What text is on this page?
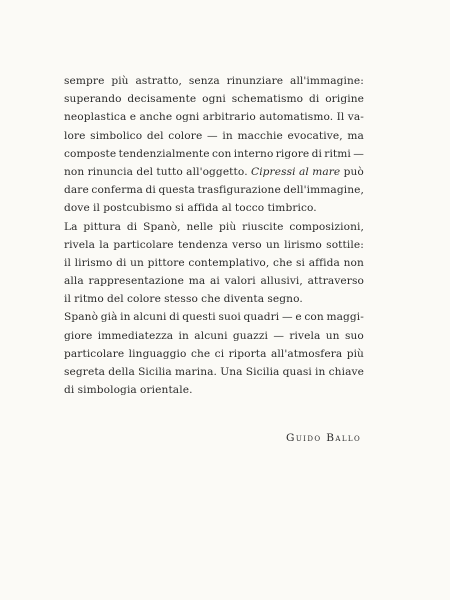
sempre più astratto, senza rinunziare all'immagine:
superando decisamente ogni schematismo di origine
neoplastica e anche ogni arbitrario automatismo. Il va-
lore simbolico del colore — in macchie evocative, ma
composte tendenzialmente con interno rigore di ritmi —
non rinuncia del tutto all'oggetto. Cipressi al mare può
dare conferma di questa trasfigurazione dell'immagine,
dove il postcubismo si affida al tocco timbrico.
La pittura di Spanò, nelle più riuscite composizioni,
rivela la particolare tendenza verso un lirismo sottile:
il lirismo di un pittore contemplativo, che si affida non
alla rappresentazione ma ai valori allusivi, attraverso
il ritmo del colore stesso che diventa segno.
Spanò già in alcuni di questi suoi quadri — e con maggi-
giore immediatezza in alcuni guazzi — rivela un suo
particolare linguaggio che ci riporta all'atmosfera più
segreta della Sicilia marina. Una Sicilia quasi in chiave
di simbologia orientale.
Guido Ballo
